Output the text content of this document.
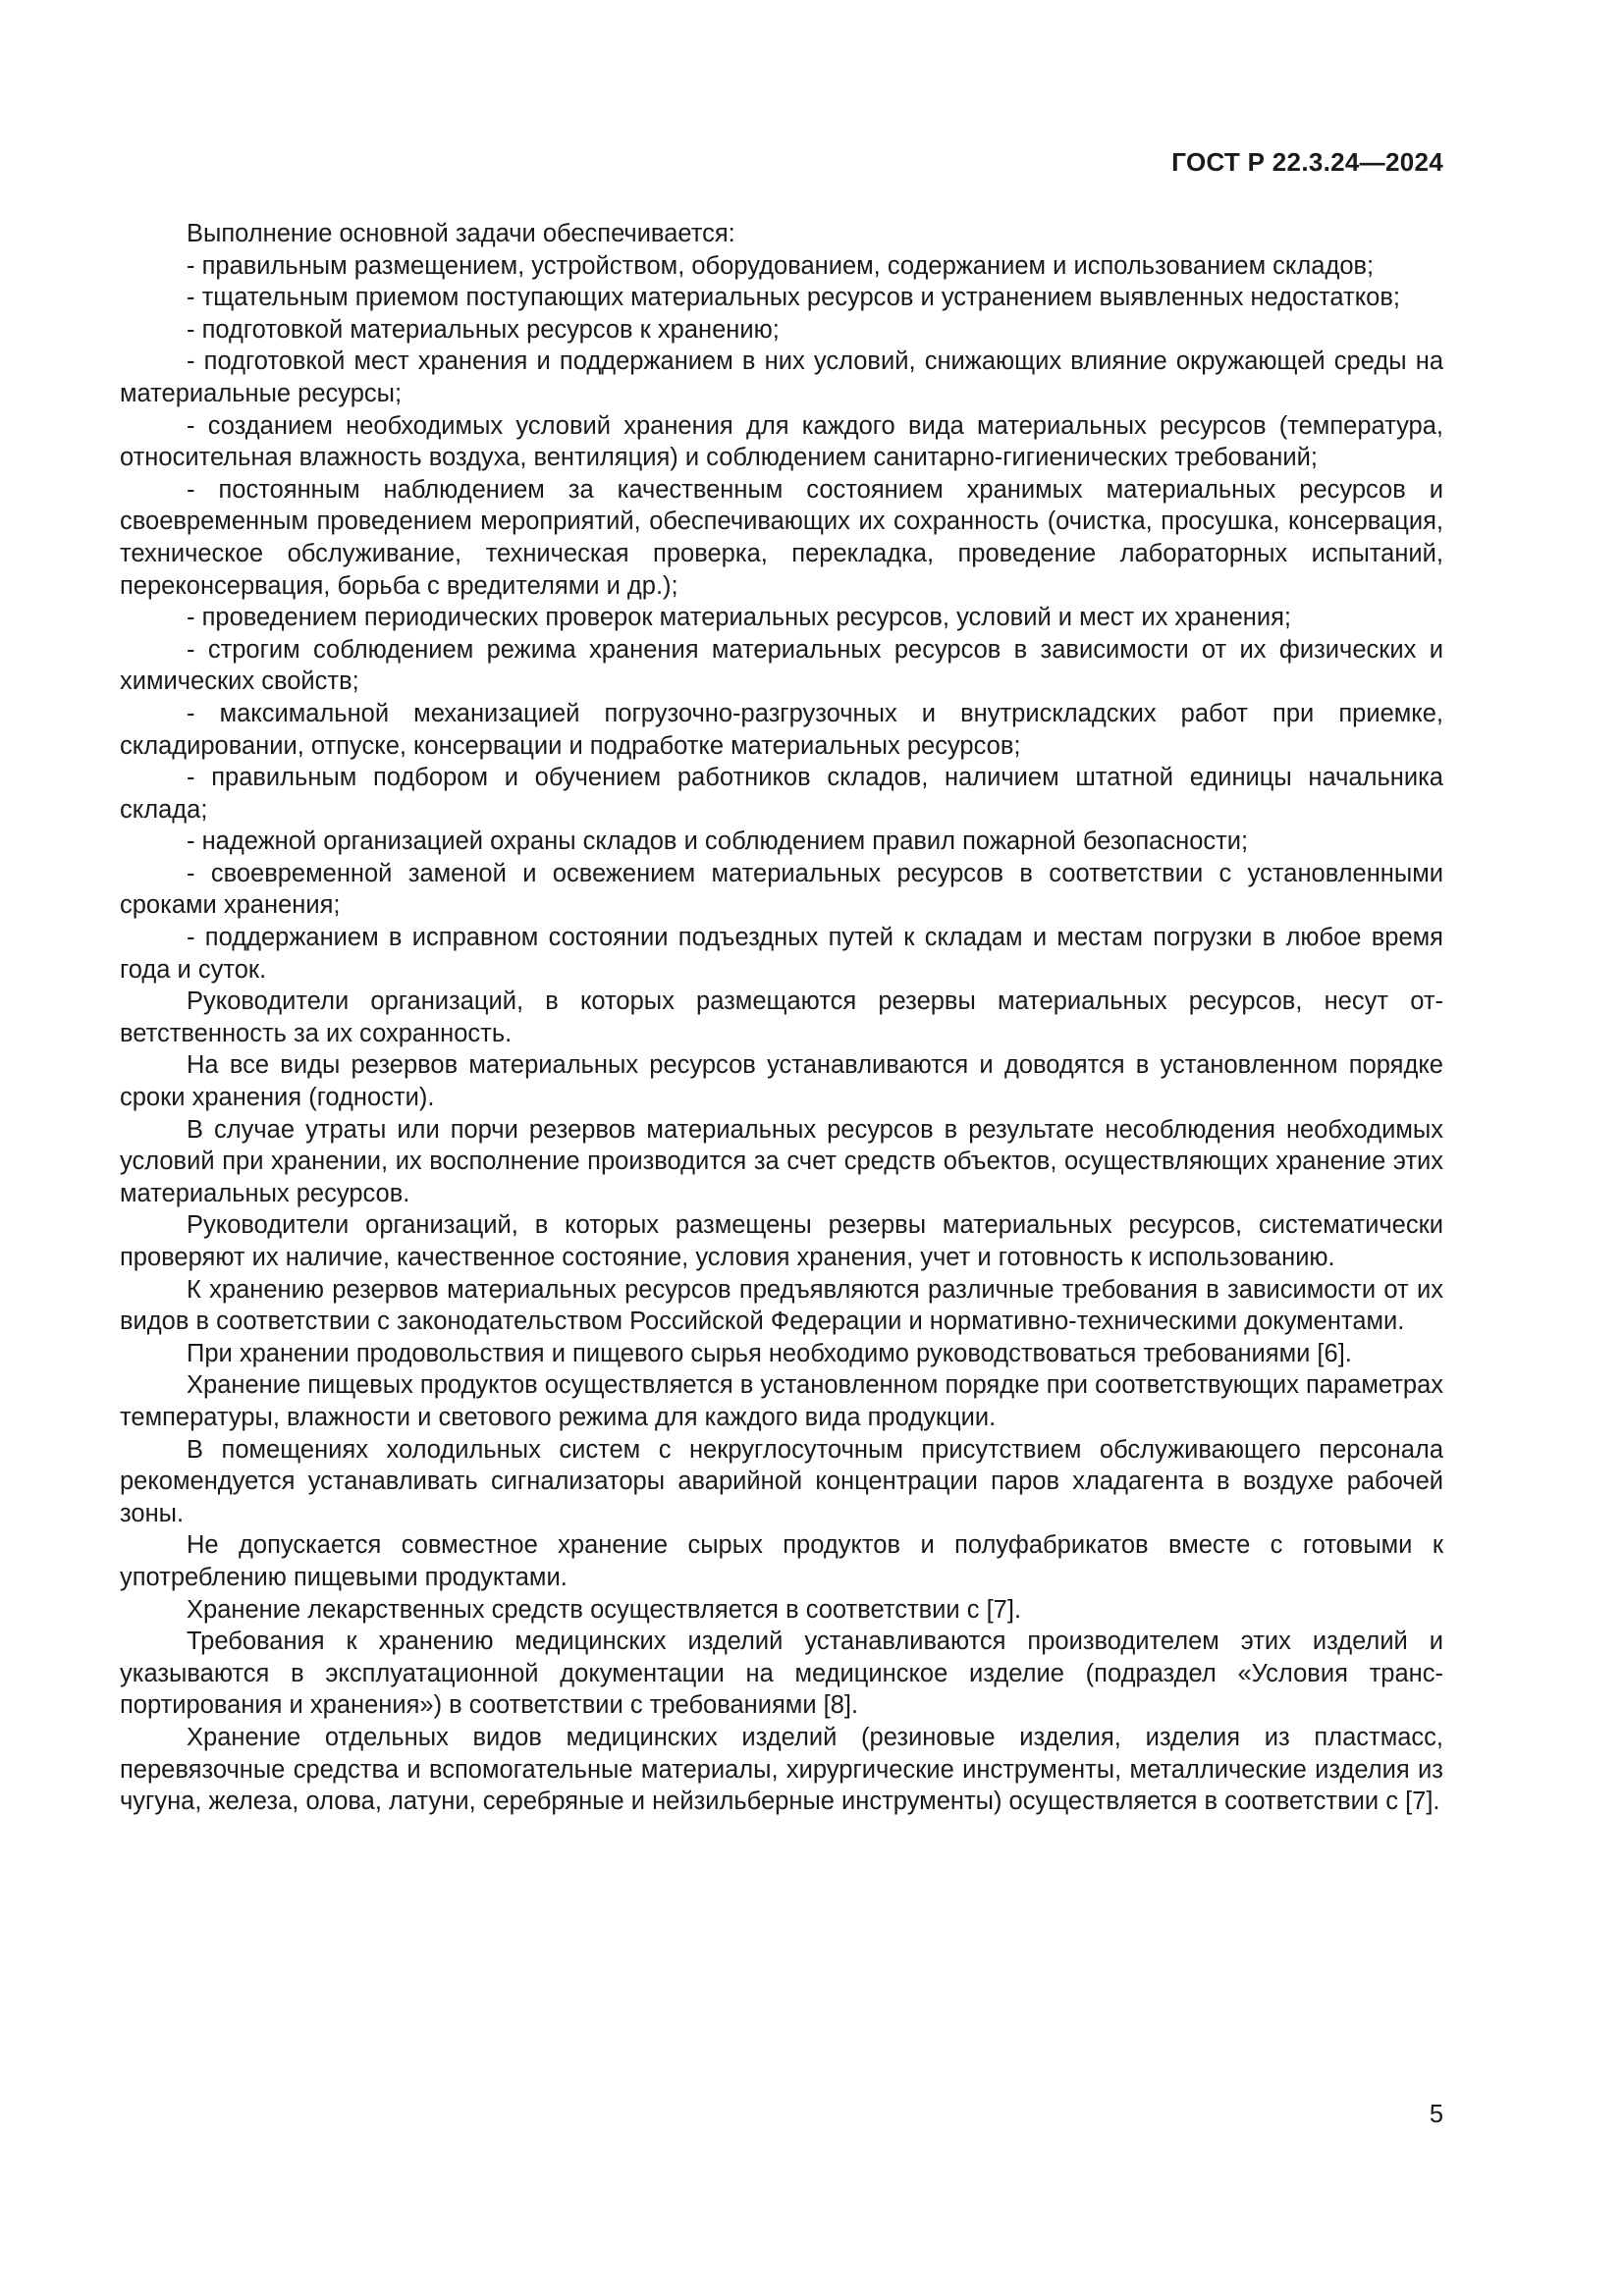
ГОСТ Р 22.3.24—2024

Выполнение основной задачи обеспечивается:

- правильным размещением, устройством, оборудованием, содержанием и использованием складов;

- тщательным приемом поступающих материальных ресурсов и устранением выявленных недостатков;

- подготовкой материальных ресурсов к хранению;

- подготовкой мест хранения и поддержанием в них условий, снижающих влияние окружающей среды на материальные ресурсы;

- созданием необходимых условий хранения для каждого вида материальных ресурсов (температура, относительная влажность воздуха, вентиляция) и соблюдением санитарно-гигиенических требований;

- постоянным наблюдением за качественным состоянием хранимых материальных ресурсов и своевременным проведением мероприятий, обеспечивающих их сохранность (очистка, просушка, консервация, техническое обслуживание, техническая проверка, перекладка, проведение лабораторных испытаний, переконсервация, борьба с вредителями и др.);

- проведением периодических проверок материальных ресурсов, условий и мест их хранения;

- строгим соблюдением режима хранения материальных ресурсов в зависимости от их физических и химических свойств;

- максимальной механизацией погрузочно-разгрузочных и внутрискладских работ при приемке, складировании, отпуске, консервации и подработке материальных ресурсов;

- правильным подбором и обучением работников складов, наличием штатной единицы начальника склада;

- надежной организацией охраны складов и соблюдением правил пожарной безопасности;

- своевременной заменой и освежением материальных ресурсов в соответствии с установленными сроками хранения;

- поддержанием в исправном состоянии подъездных путей к складам и местам погрузки в любое время года и суток.

Руководители организаций, в которых размещаются резервы материальных ресурсов, несут ответственность за их сохранность.

На все виды резервов материальных ресурсов устанавливаются и доводятся в установленном порядке сроки хранения (годности).

В случае утраты или порчи резервов материальных ресурсов в результате несоблюдения необходимых условий при хранении, их восполнение производится за счет средств объектов, осуществляющих хранение этих материальных ресурсов.

Руководители организаций, в которых размещены резервы материальных ресурсов, систематически проверяют их наличие, качественное состояние, условия хранения, учет и готовность к использованию.

К хранению резервов материальных ресурсов предъявляются различные требования в зависимости от их видов в соответствии с законодательством Российской Федерации и нормативно-техническими документами.

При хранении продовольствия и пищевого сырья необходимо руководствоваться требованиями [6].

Хранение пищевых продуктов осуществляется в установленном порядке при соответствующих параметрах температуры, влажности и светового режима для каждого вида продукции.

В помещениях холодильных систем с некруглосуточным присутствием обслуживающего персонала рекомендуется устанавливать сигнализаторы аварийной концентрации паров хладагента в воздухе рабочей зоны.

Не допускается совместное хранение сырых продуктов и полуфабрикатов вместе с готовыми к употреблению пищевыми продуктами.

Хранение лекарственных средств осуществляется в соответствии с [7].

Требования к хранению медицинских изделий устанавливаются производителем этих изделий и указываются в эксплуатационной документации на медицинское изделие (подраздел «Условия транспортирования и хранения») в соответствии с требованиями [8].

Хранение отдельных видов медицинских изделий (резиновые изделия, изделия из пластмасс, перевязочные средства и вспомогательные материалы, хирургические инструменты, металлические изделия из чугуна, железа, олова, латуни, серебряные и нейзильберные инструменты) осуществляется в соответствии с [7].

5
